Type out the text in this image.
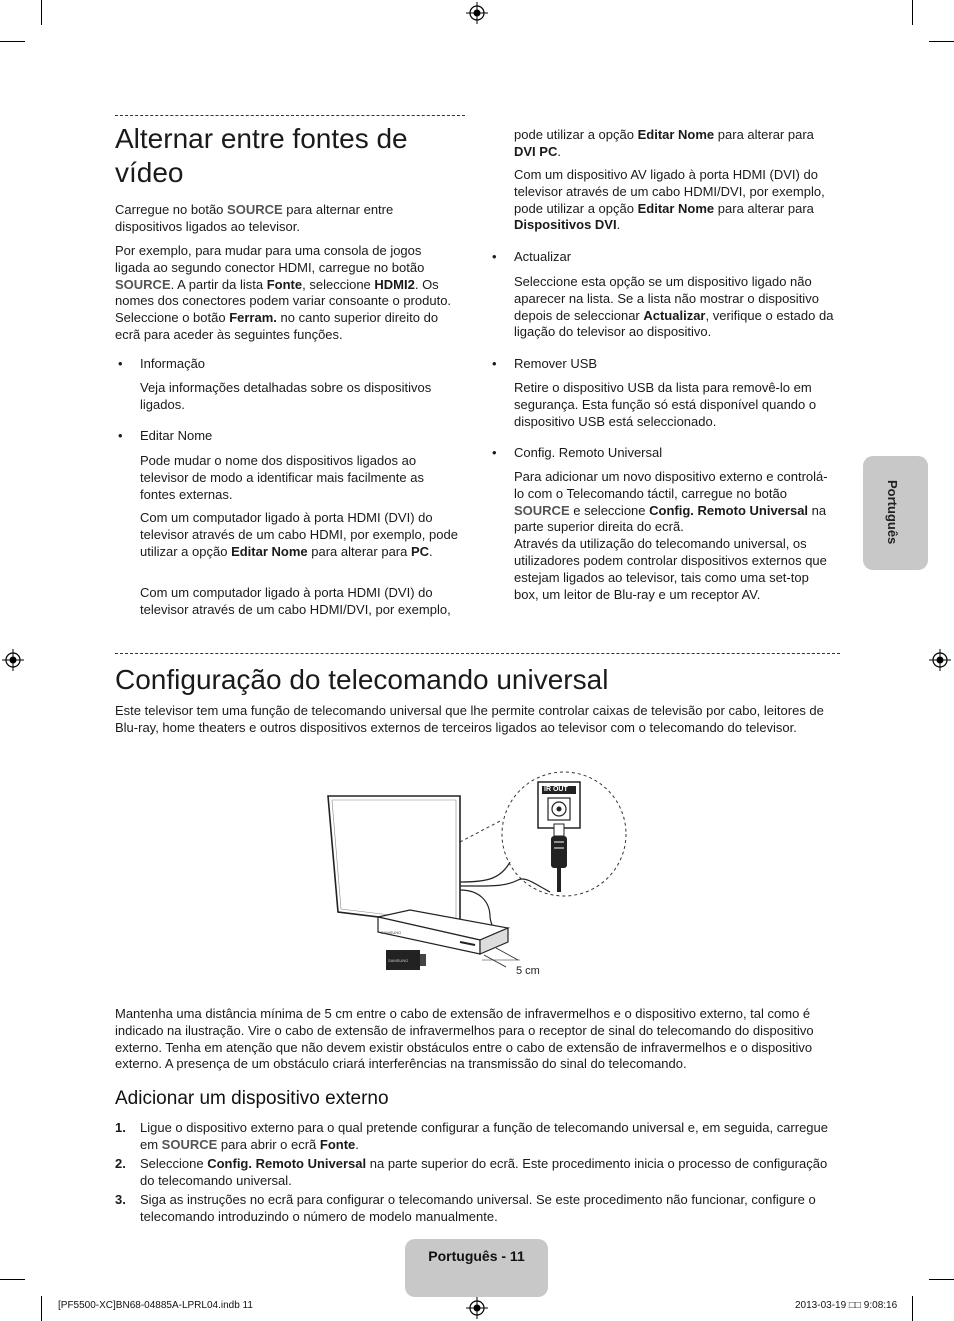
Alternar entre fontes de vídeo
Carregue no botão SOURCE para alternar entre dispositivos ligados ao televisor.
Por exemplo, para mudar para uma consola de jogos ligada ao segundo conector HDMI, carregue no botão SOURCE. A partir da lista Fonte, seleccione HDMI2. Os nomes dos conectores podem variar consoante o produto. Seleccione o botão Ferram. no canto superior direito do ecrã para aceder às seguintes funções.
• Informação
Veja informações detalhadas sobre os dispositivos ligados.
• Editar Nome
Pode mudar o nome dos dispositivos ligados ao televisor de modo a identificar mais facilmente as fontes externas.
Com um computador ligado à porta HDMI (DVI) do televisor através de um cabo HDMI, por exemplo, pode utilizar a opção Editar Nome para alterar para PC.
Com um computador ligado à porta HDMI (DVI) do televisor através de um cabo HDMI/DVI, por exemplo,
pode utilizar a opção Editar Nome para alterar para DVI PC.
Com um dispositivo AV ligado à porta HDMI (DVI) do televisor através de um cabo HDMI/DVI, por exemplo, pode utilizar a opção Editar Nome para alterar para Dispositivos DVI.
• Actualizar
Seleccione esta opção se um dispositivo ligado não aparecer na lista. Se a lista não mostrar o dispositivo depois de seleccionar Actualizar, verifique o estado da ligação do televisor ao dispositivo.
• Remover USB
Retire o dispositivo USB da lista para removê-lo em segurança. Esta função só está disponível quando o dispositivo USB está seleccionado.
• Config. Remoto Universal
Para adicionar um novo dispositivo externo e controlá-lo com o Telecomando táctil, carregue no botão SOURCE e seleccione Config. Remoto Universal na parte superior direita do ecrã.
Através da utilização do telecomando universal, os utilizadores podem controlar dispositivos externos que estejam ligados ao televisor, tais como uma set-top box, um leitor de Blu-ray e um receptor AV.
Português
Configuração do telecomando universal
Este televisor tem uma função de telecomando universal que lhe permite controlar caixas de televisão por cabo, leitores de Blu-ray, home theaters e outros dispositivos externos de terceiros ligados ao televisor com o telecomando do televisor.
IR OUT
SAMSUNG
SAMSUNG
5 cm
Mantenha uma distância mínima de 5 cm entre o cabo de extensão de infravermelhos e o dispositivo externo, tal como é indicado na ilustração. Vire o cabo de extensão de infravermelhos para o receptor de sinal do telecomando do dispositivo externo. Tenha em atenção que não devem existir obstáculos entre o cabo de extensão de infravermelhos e o dispositivo externo. A presença de um obstáculo criará interferências na transmissão do sinal do telecomando.
Adicionar um dispositivo externo
1. Ligue o dispositivo externo para o qual pretende configurar a função de telecomando universal e, em seguida, carregue em SOURCE para abrir o ecrã Fonte.
2. Seleccione Config. Remoto Universal na parte superior do ecrã. Este procedimento inicia o processo de configuração do telecomando universal.
3. Siga as instruções no ecrã para configurar o telecomando universal. Se este procedimento não funcionar, configure o telecomando introduzindo o número de modelo manualmente.
Português - 11
[PF5500-XC]BN68-04885A-LPRL04.indb 11	2013-03-19 □□ 9:08:16
